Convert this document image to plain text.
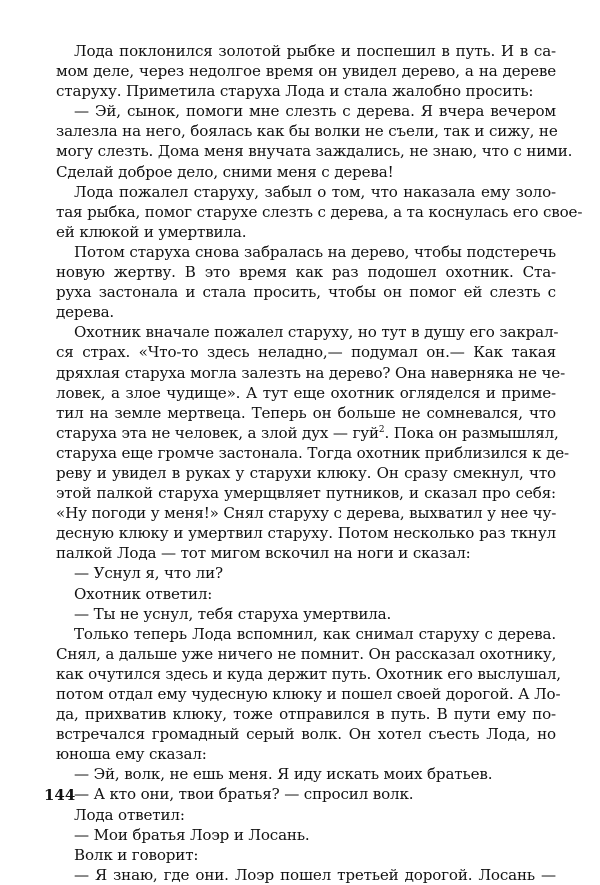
Лода поклонился золотой рыбке и поспешил в путь. И в са-
мом деле, через недолгое время он увидел дерево, а на дереве
старуху. Приметила старуха Лода и стала жалобно просить:
— Эй, сынок, помоги мне слезть с дерева. Я вчера вечером
залезла на него, боялась как бы волки не съели, так и сижу, не
могу слезть. Дома меня внучата заждались, не знаю, что с ними.
Сделай доброе дело, сними меня с дерева!
Лода пожалел старуху, забыл о том, что наказала ему золо-
тая рыбка, помог старухе слезть с дерева, а та коснулась его свое-
ей клюкой и умертвила.
Потом старуха снова забралась на дерево, чтобы подстеречь
новую жертву. В это время как раз подошел охотник. Ста-
руха застонала и стала просить, чтобы он помог ей слезть с
дерева.
Охотник вначале пожалел старуху, но тут в душу его закрал-
ся страх. «Что-то здесь неладно,— подумал он.— Как такая
дряхлая старуха могла залезть на дерево? Она наверняка не че-
ловек, а злое чудище». А тут еще охотник огляделся и приме-
тил на земле мертвеца. Теперь он больше не сомневался, что
старуха эта не человек, а злой дух — гуй$^2$. Пока он размышлял,
старуха еще громче застонала. Тогда охотник приблизился к де-
реву и увидел в руках у старухи клюку. Он сразу смекнул, что
этой палкой старуха умерщвляет путников, и сказал про себя:
«Ну погоди у меня!» Снял старуху с дерева, выхватил у нее чу-
десную клюку и умертвил старуху. Потом несколько раз ткнул
палкой Лода — тот мигом вскочил на ноги и сказал:
— Уснул я, что ли?
Охотник ответил:
— Ты не уснул, тебя старуха умертвила.
Только теперь Лода вспомнил, как снимал старуху с дерева.
Снял, а дальше уже ничего не помнит. Он рассказал охотнику,
как очутился здесь и куда держит путь. Охотник его выслушал,
потом отдал ему чудесную клюку и пошел своей дорогой. А Ло-
да, прихватив клюку, тоже отправился в путь. В пути ему по-
встречался громадный серый волк. Он хотел съесть Лода, но
юноша ему сказал:
— Эй, волк, не ешь меня. Я иду искать моих братьев.
— А кто они, твои братья? — спросил волк.
Лода ответил:
— Мои братья Лоэр и Лосань.
Волк и говорит:
— Я знаю, где они. Лоэр пошел третьей дорогой. Лосань —
144
